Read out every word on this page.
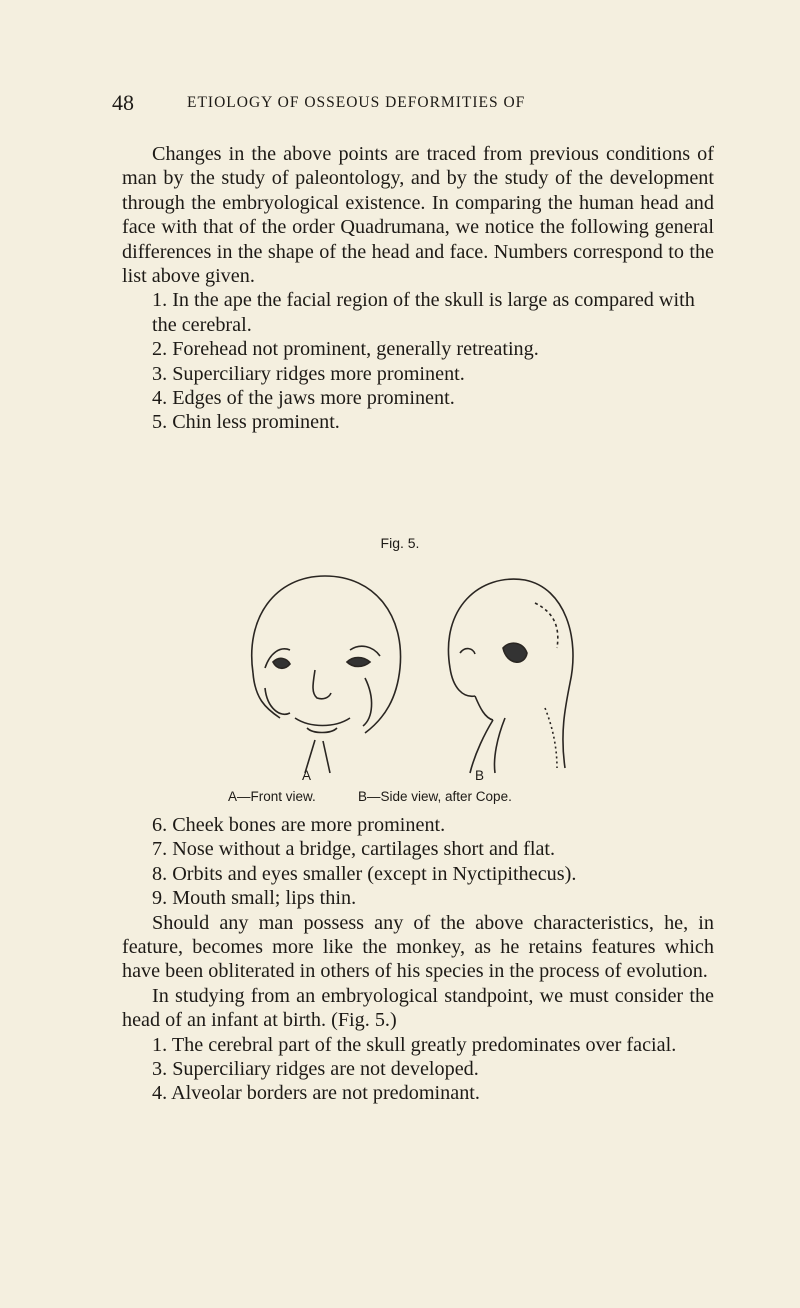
48	ETIOLOGY OF OSSEOUS DEFORMITIES OF

Changes in the above points are traced from previous conditions of man by the study of paleontology, and by the study of the development through the embryological existence. In comparing the human head and face with that of the order Quadrumana, we notice the following general differences in the shape of the head and face. Numbers correspond to the list above given.

1. In the ape the facial region of the skull is large as compared with the cerebral.

2. Forehead not prominent, generally retreating.

3. Superciliary ridges more prominent.

4. Edges of the jaws more prominent.

5. Chin less prominent.

Fig. 5.
A	B
A—Front view.	B—Side view, after Cope.

6. Cheek bones are more prominent.

7. Nose without a bridge, cartilages short and flat.

8. Orbits and eyes smaller (except in Nyctipithecus).

9. Mouth small; lips thin.

Should any man possess any of the above characteristics, he, in feature, becomes more like the monkey, as he retains features which have been obliterated in others of his species in the process of evolution.

In studying from an embryological standpoint, we must consider the head of an infant at birth. (Fig. 5.)

1. The cerebral part of the skull greatly predominates over facial.

3. Superciliary ridges are not developed.

4. Alveolar borders are not predominant.
